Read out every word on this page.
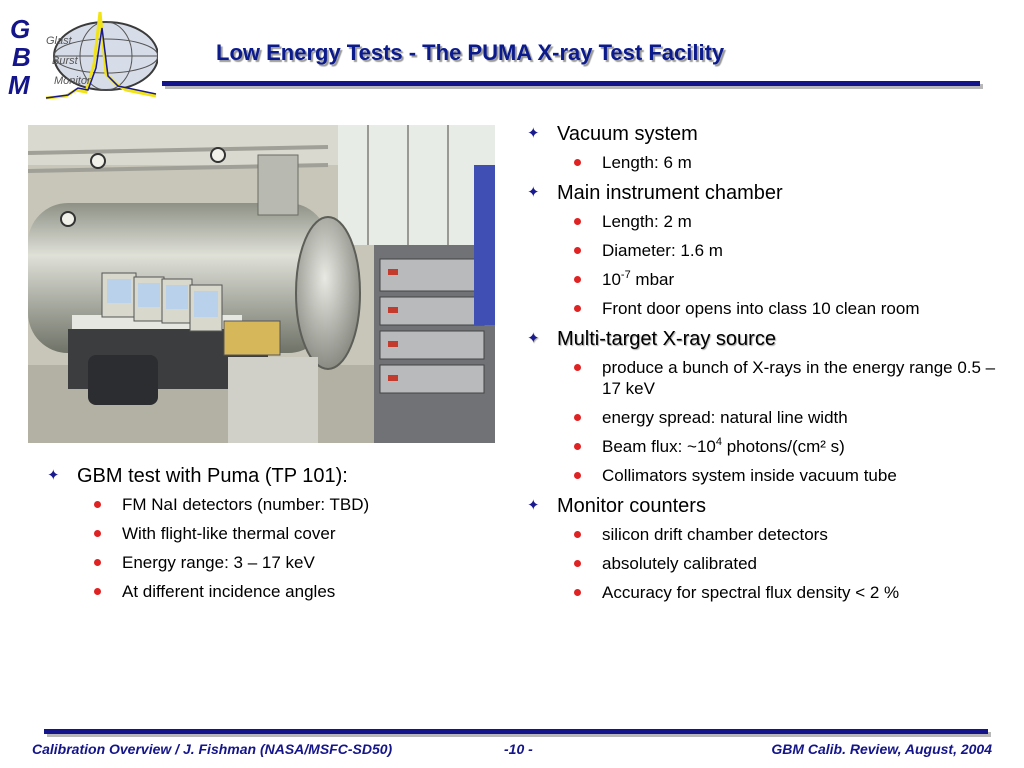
Glast
Burst
Monitor
G
B
M
Low Energy Tests - The PUMA X-ray Test Facility
✦ GBM test with Puma (TP 101):
FM NaI detectors (number: TBD)
With flight-like thermal cover
Energy range: 3 – 17 keV
At different incidence angles
✦ Vacuum system
Length: 6 m
✦ Main instrument chamber
Length: 2 m
Diameter: 1.6 m
$10^{-7}$ mbar
Front door opens into class 10 clean room
✦ Multi-target X-ray source
produce a bunch of X-rays in the energy range 0.5 – 17 keV
energy spread: natural line width
Beam flux: $\sim 10^4$ photons/(cm² s)
Collimators system inside vacuum tube
✦ Monitor counters
silicon drift chamber detectors
absolutely calibrated
Accuracy for spectral flux density < 2 %
Calibration Overview / J. Fishman (NASA/MSFC-SD50)	-10 -	GBM Calib. Review, August, 2004
